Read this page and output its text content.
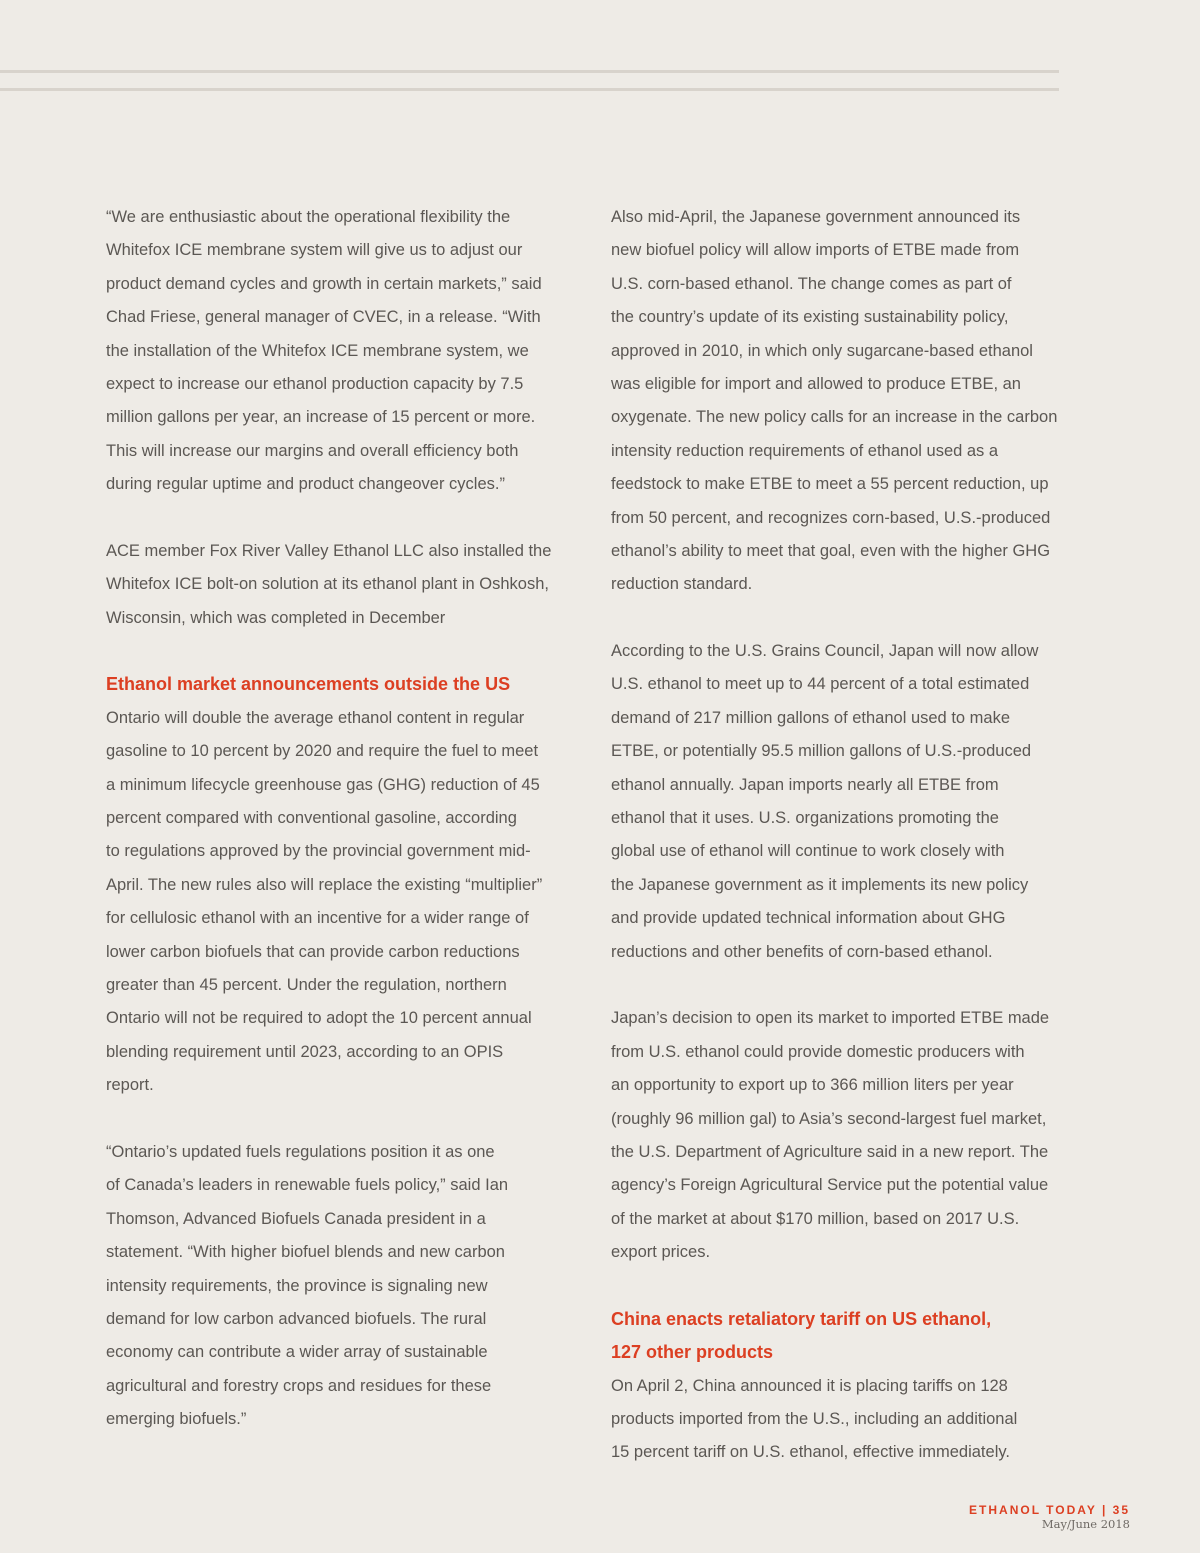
“We are enthusiastic about the operational flexibility the
Whitefox ICE membrane system will give us to adjust our
product demand cycles and growth in certain markets,” said
Chad Friese, general manager of CVEC, in a release. “With
the installation of the Whitefox ICE membrane system, we
expect to increase our ethanol production capacity by 7.5
million gallons per year, an increase of 15 percent or more.
This will increase our margins and overall efficiency both
during regular uptime and product changeover cycles.”
ACE member Fox River Valley Ethanol LLC also installed the
Whitefox ICE bolt-on solution at its ethanol plant in Oshkosh,
Wisconsin, which was completed in December
Ethanol market announcements outside the US
Ontario will double the average ethanol content in regular
gasoline to 10 percent by 2020 and require the fuel to meet
a minimum lifecycle greenhouse gas (GHG) reduction of 45
percent compared with conventional gasoline, according
to regulations approved by the provincial government mid-
April. The new rules also will replace the existing “multiplier”
for cellulosic ethanol with an incentive for a wider range of
lower carbon biofuels that can provide carbon reductions
greater than 45 percent. Under the regulation, northern
Ontario will not be required to adopt the 10 percent annual
blending requirement until 2023, according to an OPIS
report.
“Ontario’s updated fuels regulations position it as one
of Canada’s leaders in renewable fuels policy,” said Ian
Thomson, Advanced Biofuels Canada president in a
statement. “With higher biofuel blends and new carbon
intensity requirements, the province is signaling new
demand for low carbon advanced biofuels. The rural
economy can contribute a wider array of sustainable
agricultural and forestry crops and residues for these
emerging biofuels.”
Also mid-April, the Japanese government announced its
new biofuel policy will allow imports of ETBE made from
U.S. corn-based ethanol. The change comes as part of
the country’s update of its existing sustainability policy,
approved in 2010, in which only sugarcane-based ethanol
was eligible for import and allowed to produce ETBE, an
oxygenate. The new policy calls for an increase in the carbon
intensity reduction requirements of ethanol used as a
feedstock to make ETBE to meet a 55 percent reduction, up
from 50 percent, and recognizes corn-based, U.S.-produced
ethanol’s ability to meet that goal, even with the higher GHG
reduction standard.
According to the U.S. Grains Council, Japan will now allow
U.S. ethanol to meet up to 44 percent of a total estimated
demand of 217 million gallons of ethanol used to make
ETBE, or potentially 95.5 million gallons of U.S.-produced
ethanol annually. Japan imports nearly all ETBE from
ethanol that it uses. U.S. organizations promoting the
global use of ethanol will continue to work closely with
the Japanese government as it implements its new policy
and provide updated technical information about GHG
reductions and other benefits of corn-based ethanol.
Japan’s decision to open its market to imported ETBE made
from U.S. ethanol could provide domestic producers with
an opportunity to export up to 366 million liters per year
(roughly 96 million gal) to Asia’s second-largest fuel market,
the U.S. Department of Agriculture said in a new report. The
agency’s Foreign Agricultural Service put the potential value
of the market at about $170 million, based on 2017 U.S.
export prices.
China enacts retaliatory tariff on US ethanol,
127 other products
On April 2, China announced it is placing tariffs on 128
products imported from the U.S., including an additional
15 percent tariff on U.S. ethanol, effective immediately.
ETHANOL TODAY | 35
May/June 2018
